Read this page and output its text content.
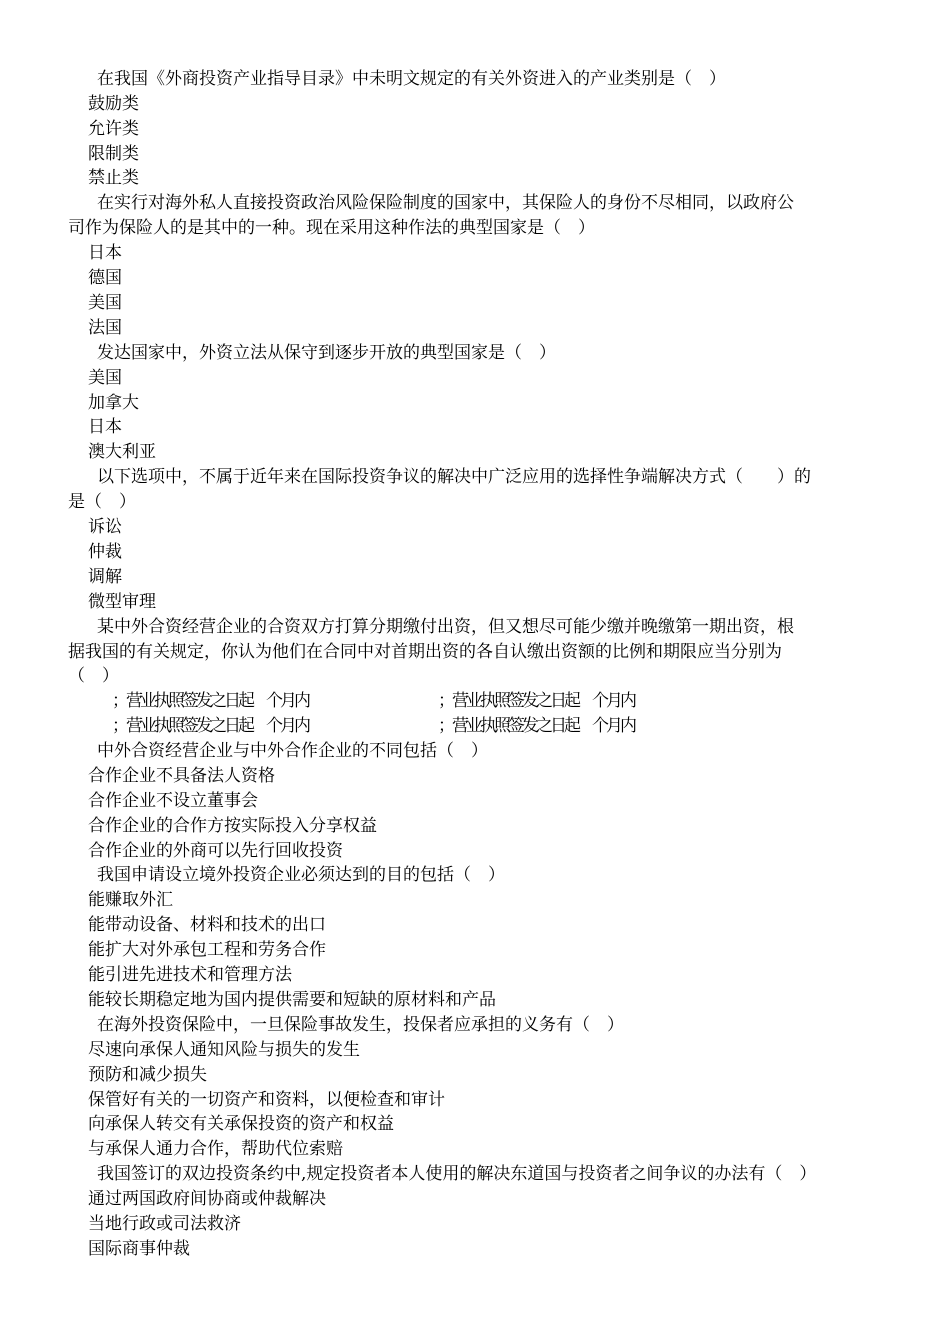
在我国《外商投资产业指导目录》中未明文规定的有关外资进入的产业类别是（　）
鼓励类
允许类
限制类
禁止类
在实行对海外私人直接投资政治风险保险制度的国家中，其保险人的身份不尽相同，以政府公
司作为保险人的是其中的一种。现在采用这种作法的典型国家是（　）
日本
德国
美国
法国
发达国家中，外资立法从保守到逐步开放的典型国家是（　）
美国
加拿大
日本
澳大利亚
以下选项中，不属于近年来在国际投资争议的解决中广泛应用的选择性争端解决方式（　　）的
是（　）
诉讼
仲裁
调解
微型审理
某中外合资经营企业的合资双方打算分期缴付出资，但又想尽可能少缴并晚缴第一期出资，根
据我国的有关规定，你认为他们在合同中对首期出资的各自认缴出资额的比例和期限应当分别为
（　）
；营业执照签发之日起　个月内	；营业执照签发之日起　个月内
；营业执照签发之日起　个月内	；营业执照签发之日起　个月内
中外合资经营企业与中外合作企业的不同包括（　）
合作企业不具备法人资格
合作企业不设立董事会
合作企业的合作方按实际投入分享权益
合作企业的外商可以先行回收投资
我国申请设立境外投资企业必须达到的目的包括（　）
能赚取外汇
能带动设备、材料和技术的出口
能扩大对外承包工程和劳务合作
能引进先进技术和管理方法
能较长期稳定地为国内提供需要和短缺的原材料和产品
在海外投资保险中，一旦保险事故发生，投保者应承担的义务有（　）
尽速向承保人通知风险与损失的发生
预防和减少损失
保管好有关的一切资产和资料，以便检查和审计
向承保人转交有关承保投资的资产和权益
与承保人通力合作，帮助代位索赔
我国签订的双边投资条约中,规定投资者本人使用的解决东道国与投资者之间争议的办法有（　）
通过两国政府间协商或仲裁解决
当地行政或司法救济
国际商事仲裁
